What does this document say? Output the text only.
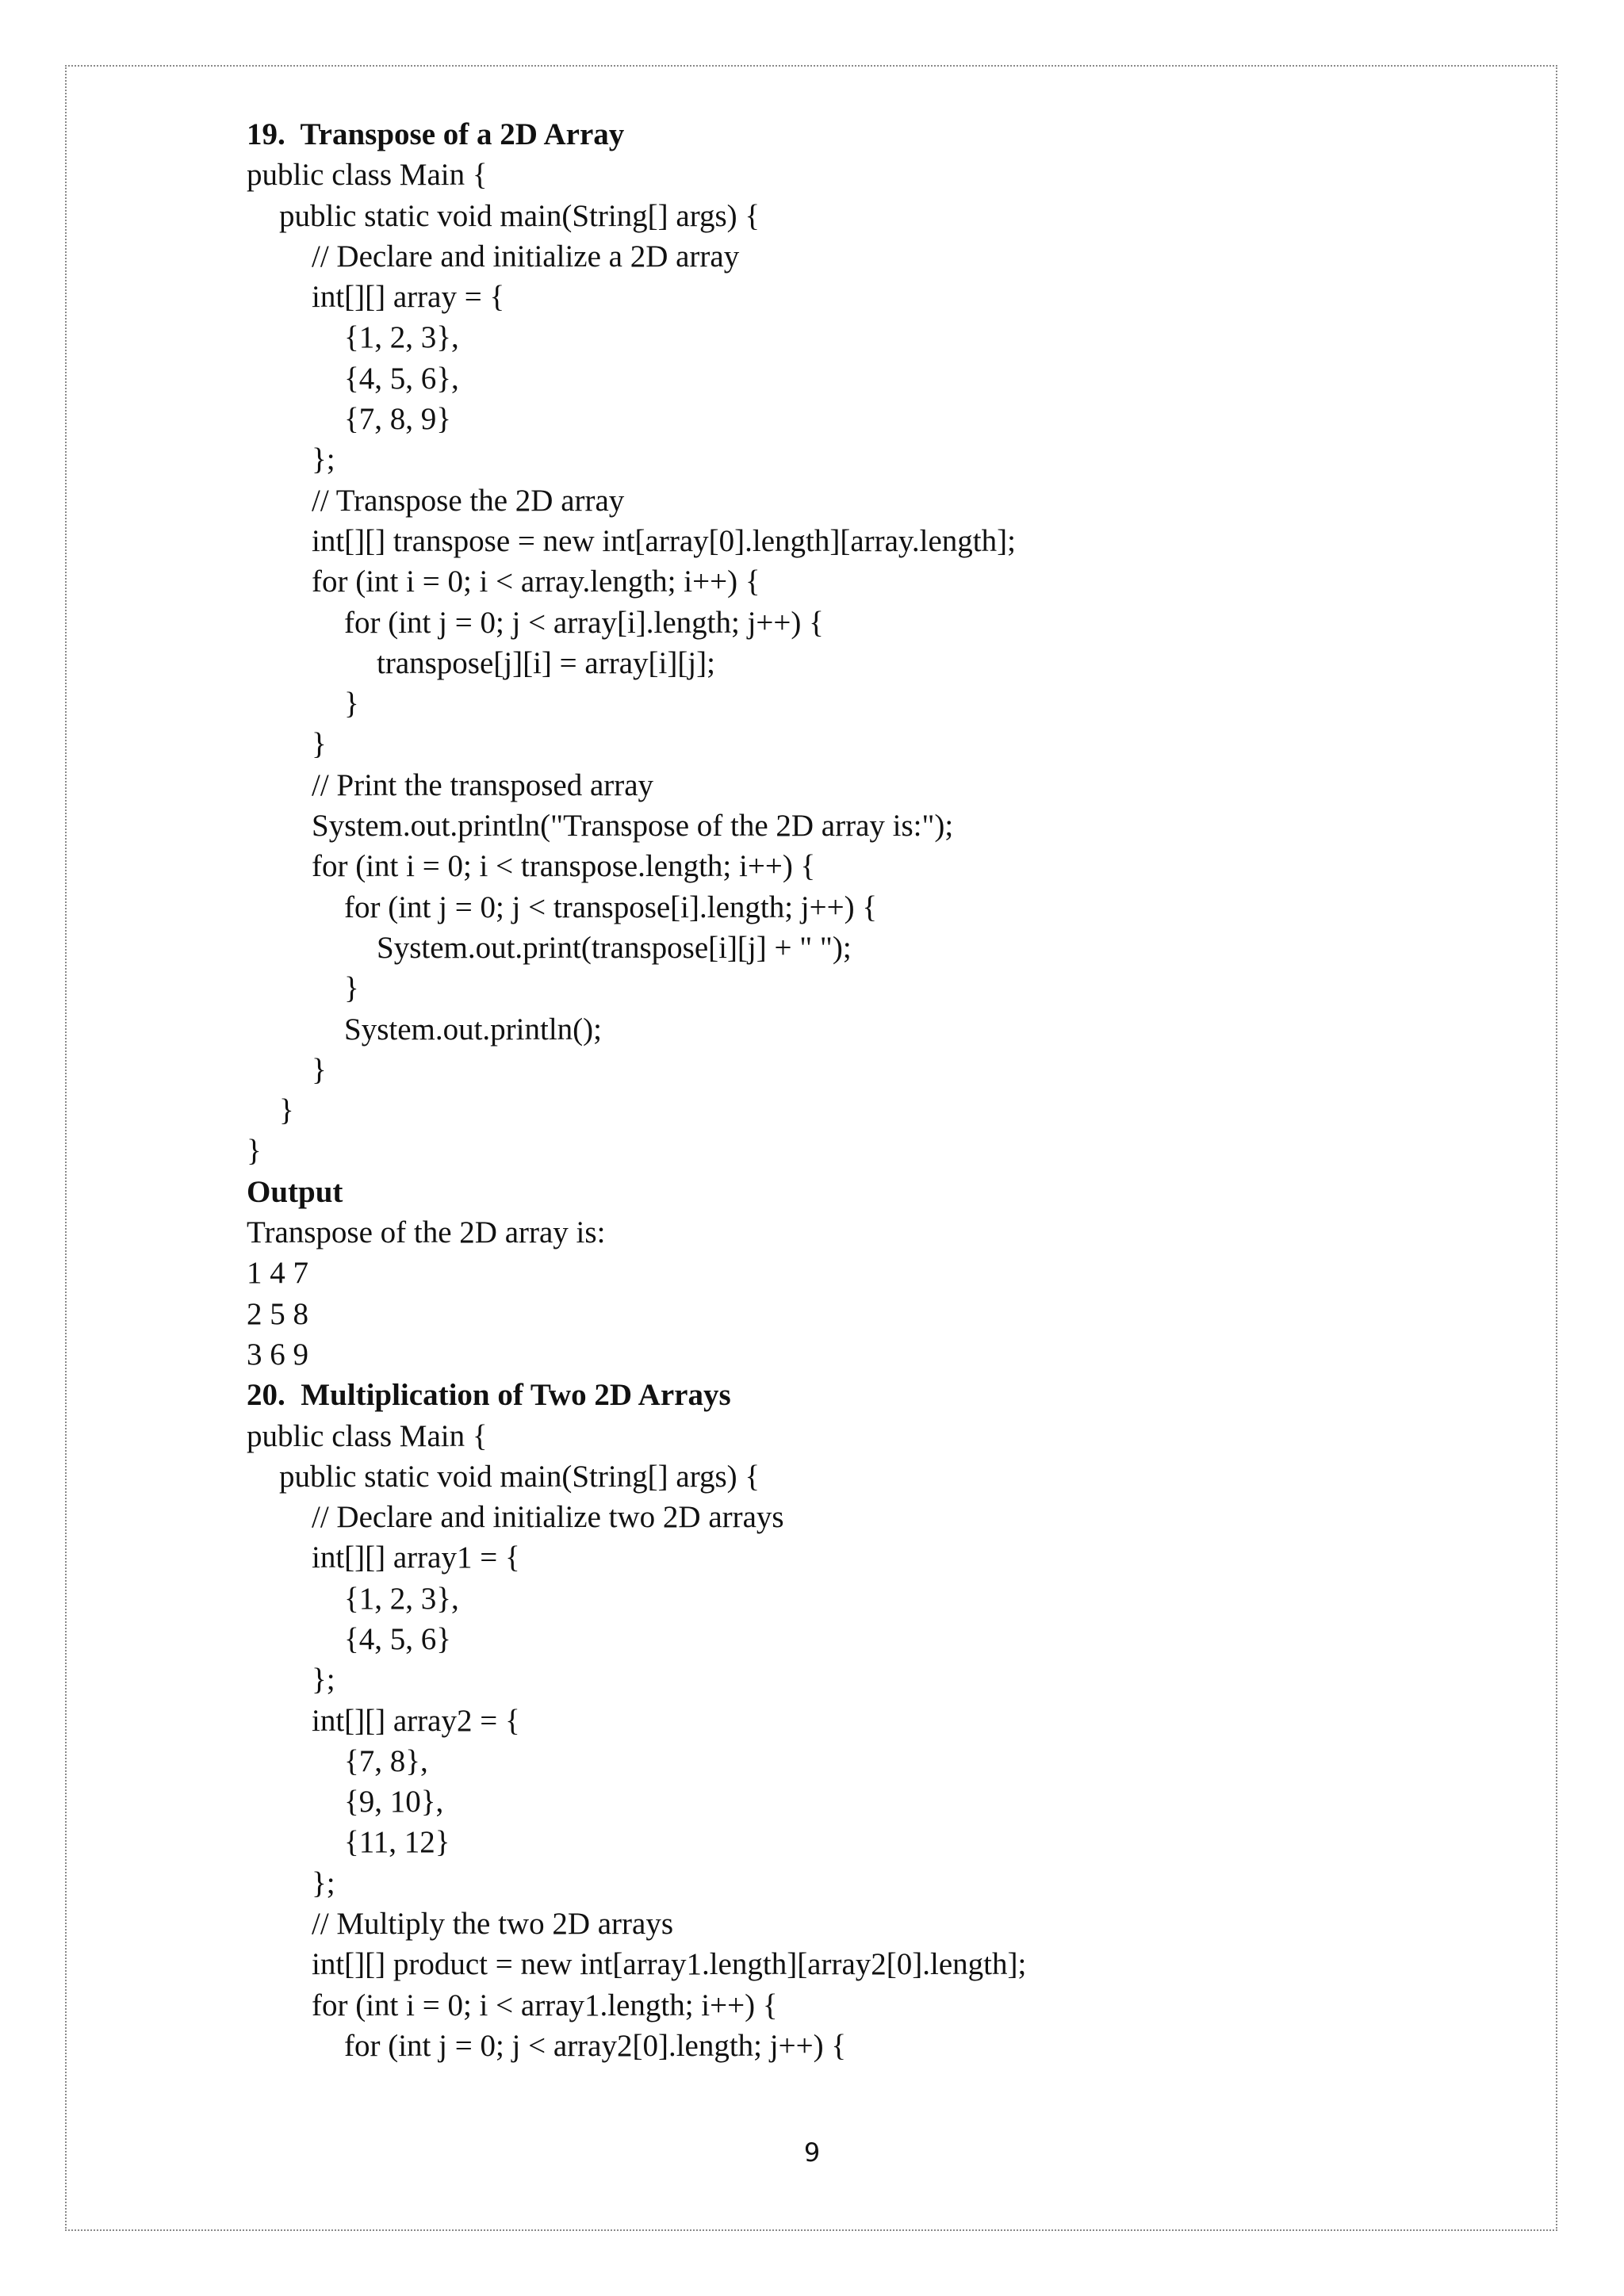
19.  Transpose of a 2D Array
public class Main {
public static void main(String[] args) {
// Declare and initialize a 2D array
int[][] array = {
{1, 2, 3},
{4, 5, 6},
{7, 8, 9}
};
// Transpose the 2D array
int[][] transpose = new int[array[0].length][array.length];
for (int i = 0; i < array.length; i++) {
for (int j = 0; j < array[i].length; j++) {
transpose[j][i] = array[i][j];
}
}
// Print the transposed array
System.out.println("Transpose of the 2D array is:");
for (int i = 0; i < transpose.length; i++) {
for (int j = 0; j < transpose[i].length; j++) {
System.out.print(transpose[i][j] + " ");
}
System.out.println();
}
}
}
Output
Transpose of the 2D array is:
1 4 7
2 5 8
3 6 9
20.  Multiplication of Two 2D Arrays
public class Main {
public static void main(String[] args) {
// Declare and initialize two 2D arrays
int[][] array1 = {
{1, 2, 3},
{4, 5, 6}
};
int[][] array2 = {
{7, 8},
{9, 10},
{11, 12}
};
// Multiply the two 2D arrays
int[][] product = new int[array1.length][array2[0].length];
for (int i = 0; i < array1.length; i++) {
for (int j = 0; j < array2[0].length; j++) {
9
